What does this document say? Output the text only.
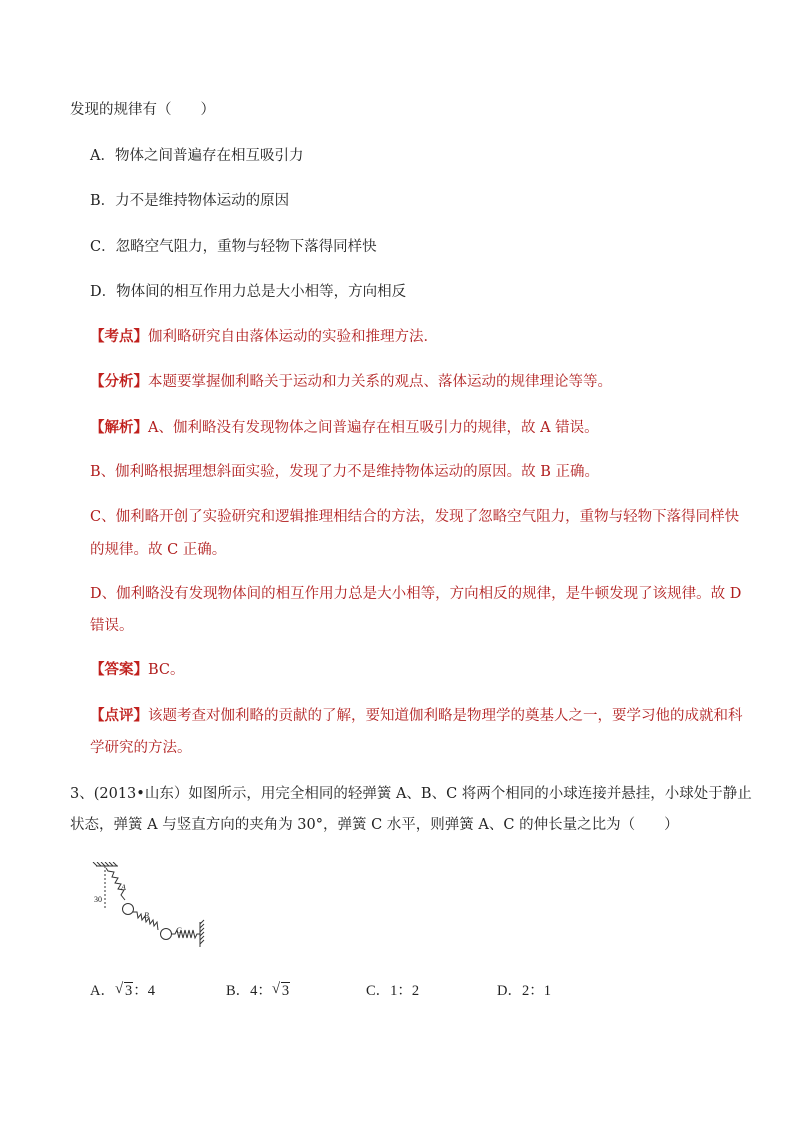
发现的规律有（　　）
A．物体之间普遍存在相互吸引力
B．力不是维持物体运动的原因
C．忽略空气阻力，重物与轻物下落得同样快
D．物体间的相互作用力总是大小相等，方向相反
【考点】伽利略研究自由落体运动的实验和推理方法．
【分析】本题要掌握伽利略关于运动和力关系的观点、落体运动的规律理论等等。
【解析】A、伽利略没有发现物体之间普遍存在相互吸引力的规律，故 A 错误。
B、伽利略根据理想斜面实验，发现了力不是维持物体运动的原因。故 B 正确。
C、伽利略开创了实验研究和逻辑推理相结合的方法，发现了忽略空气阻力，重物与轻物下落得同样快
的规律。故 C 正确。
D、伽利略没有发现物体间的相互作用力总是大小相等，方向相反的规律，是牛顿发现了该规律。故 D
错误。
【答案】BC。
【点评】该题考查对伽利略的贡献的了解，要知道伽利略是物理学的奠基人之一，要学习他的成就和科
学研究的方法。
3、(2013•山东）如图所示，用完全相同的轻弹簧 A、B、C 将两个相同的小球连接并悬挂，小球处于静止
状态，弹簧 A 与竖直方向的夹角为 30°，弹簧 C 水平，则弹簧 A、C 的伸长量之比为（　　）
30
A
B
C
A． √ 3：4	B．4： √ 3	C．1：2	D．2：1
